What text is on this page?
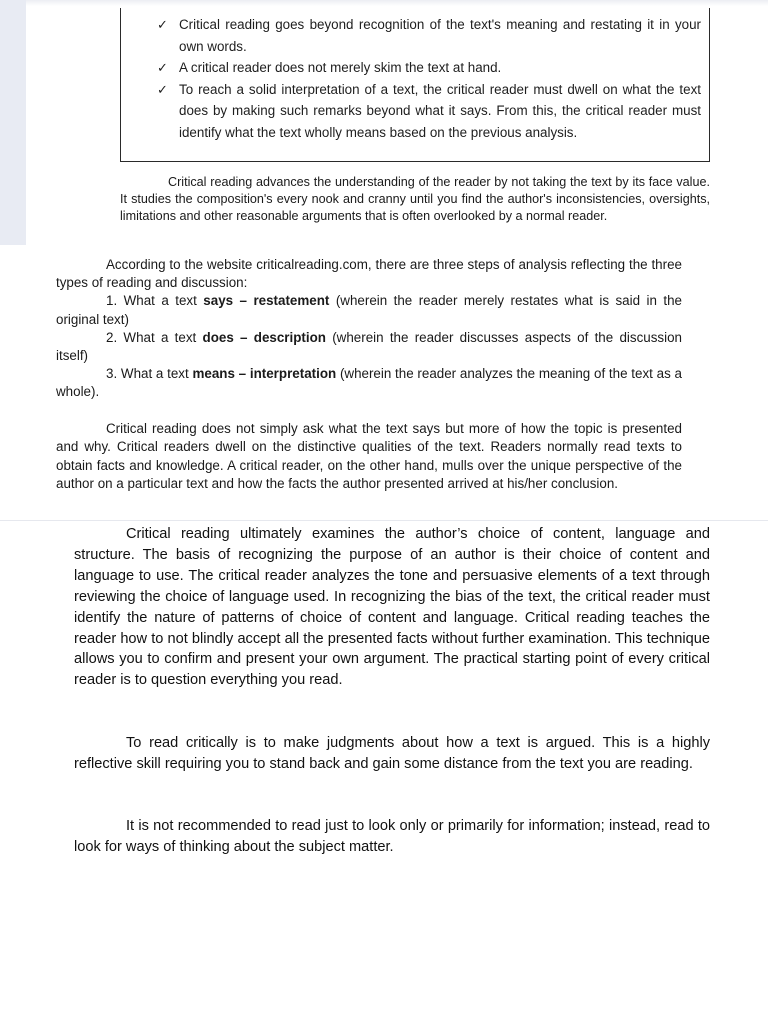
✓ Critical reading goes beyond recognition of the text's meaning and restating it in your own words.
✓ A critical reader does not merely skim the text at hand.
✓ To reach a solid interpretation of a text, the critical reader must dwell on what the text does by making such remarks beyond what it says. From this, the critical reader must identify what the text wholly means based on the previous analysis.

Critical reading advances the understanding of the reader by not taking the text by its face value. It studies the composition's every nook and cranny until you find the author's inconsistencies, oversights, limitations and other reasonable arguments that is often overlooked by a normal reader.

According to the website criticalreading.com, there are three steps of analysis reflecting the three types of reading and discussion:

1. What a text says – restatement (wherein the reader merely restates what is said in the original text)

2. What a text does – description (wherein the reader discusses aspects of the discussion itself)

3. What a text means – interpretation (wherein the reader analyzes the meaning of the text as a whole).

Critical reading does not simply ask what the text says but more of how the topic is presented and why. Critical readers dwell on the distinctive qualities of the text. Readers normally read texts to obtain facts and knowledge. A critical reader, on the other hand, mulls over the unique perspective of the author on a particular text and how the facts the author presented arrived at his/her conclusion.

Critical reading ultimately examines the author’s choice of content, language and structure. The basis of recognizing the purpose of an author is their choice of content and language to use. The critical reader analyzes the tone and persuasive elements of a text through reviewing the choice of language used. In recognizing the bias of the text, the critical reader must identify the nature of patterns of choice of content and language. Critical reading teaches the reader how to not blindly accept all the presented facts without further examination. This technique allows you to confirm and present your own argument. The practical starting point of every critical reader is to question everything you read.

To read critically is to make judgments about how a text is argued. This is a highly reflective skill requiring you to stand back and gain some distance from the text you are reading.

It is not recommended to read just to look only or primarily for information; instead, read to look for ways of thinking about the subject matter.
